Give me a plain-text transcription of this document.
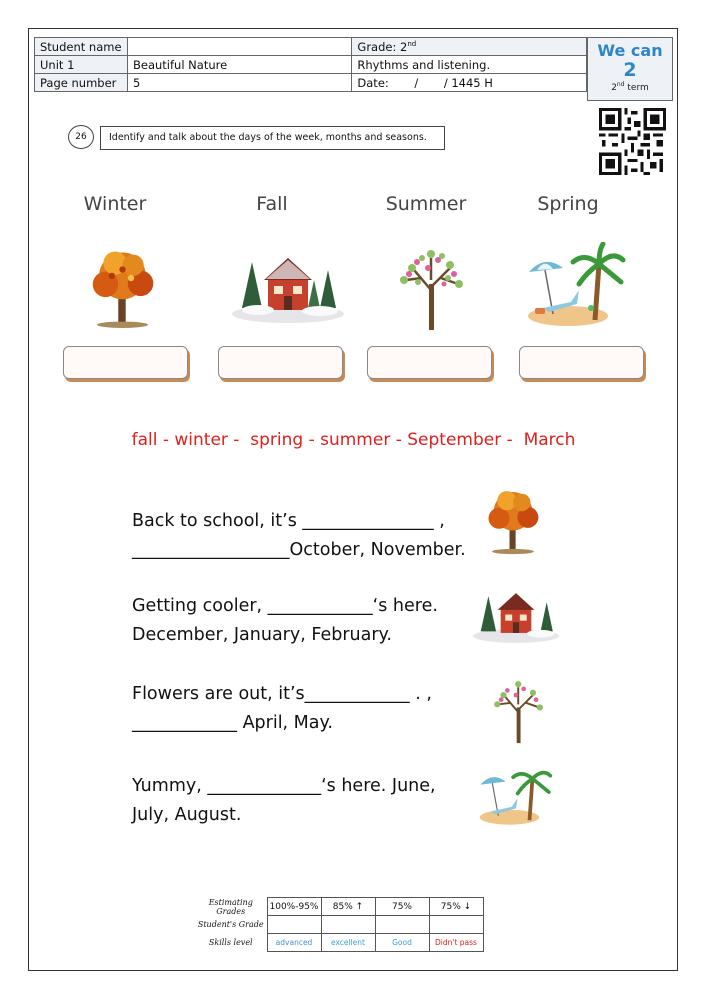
Student name		Grade: 2nd
Unit 1	Beautiful Nature	Rhythms and listening.
Page number	5	Date:       /       / 1445 H
We can
2
2nd term
26	Identify and talk about the days of the week, months and seasons.
Winter	Fall	Summer	Spring
fall - winter -  spring - summer - September -  March
Back to school, it’s _______________ ,
__________________October, November.
Getting cooler, ____________‘s here.
December, January, February.
Flowers are out, it’s____________ . ,
____________ April, May.
Yummy, _____________‘s here. June,
July, August.
Estimating Grades	100%-95%	85% ↑	75%	75% ↓
Student's Grade				
Skills level	advanced	excellent	Good	Didn't pass
